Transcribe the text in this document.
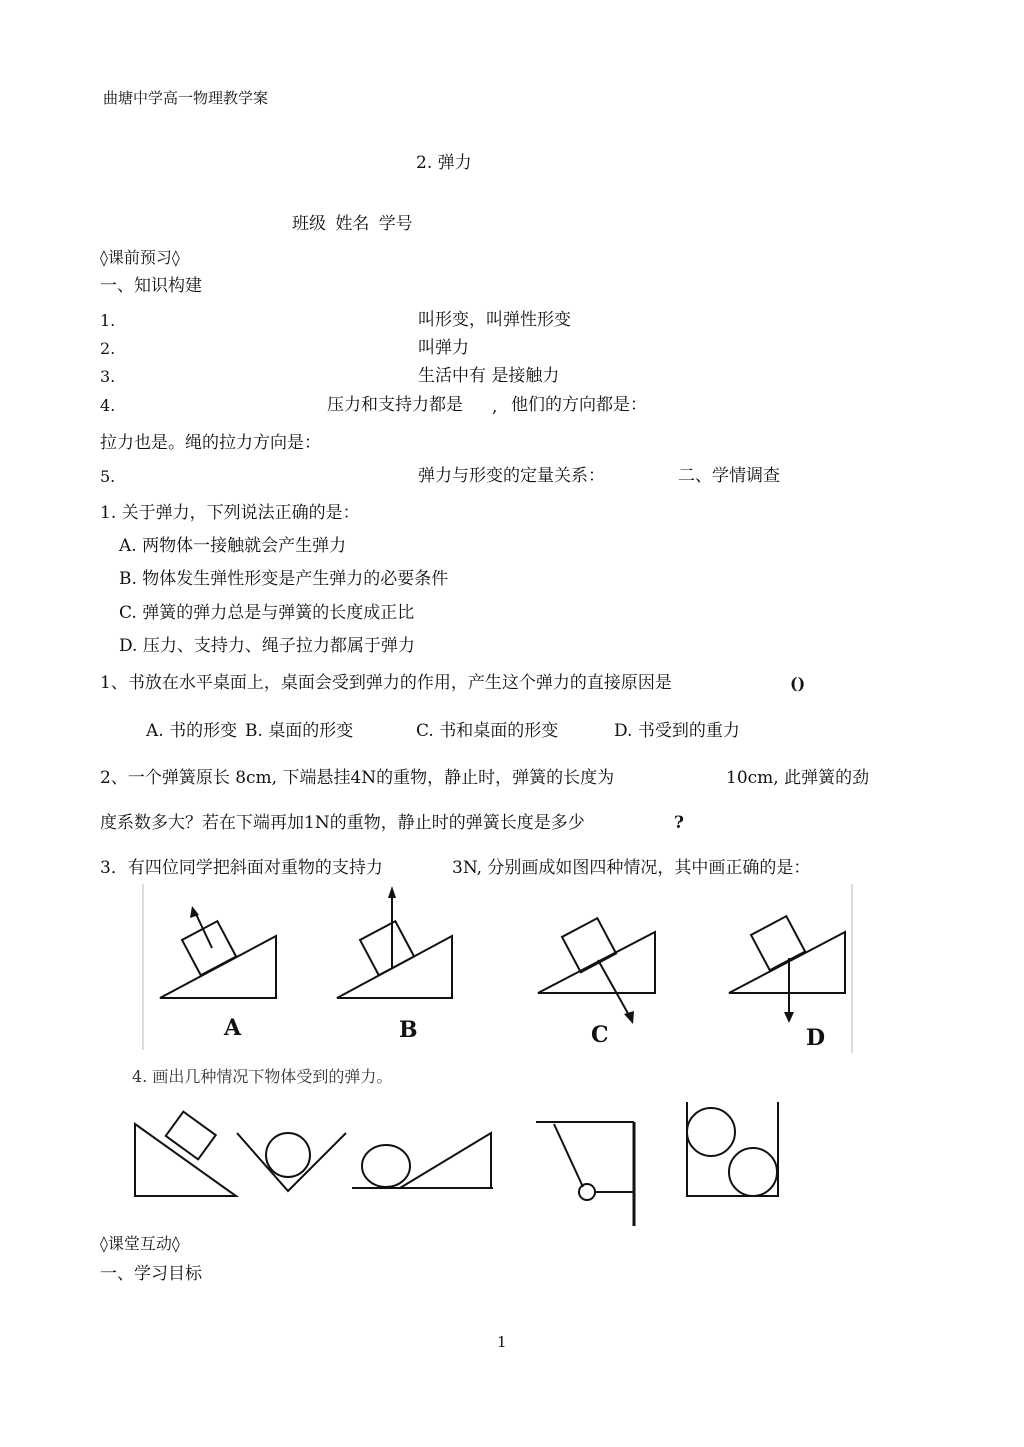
曲塘中学高一物理教学案
2. 弹力
班级 姓名 学号
◊课前预习◊
一、知识构建
1.	叫形变，叫弹性形变
2.	叫弹力
3.	生活中有 是接触力
4.	压力和支持力都是 , 他们的方向都是：
拉力也是。绳的拉力方向是：
5.	弹力与形变的定量关系：	二、学情调查
1. 关于弹力，下列说法正确的是：
A. 两物体一接触就会产生弹力
B. 物体发生弹性形变是产生弹力的必要条件
C. 弹簧的弹力总是与弹簧的长度成正比
D. 压力、支持力、绳子拉力都属于弹力
1、书放在水平桌面上，桌面会受到弹力的作用，产生这个弹力的直接原因是	()
A. 书的形变 B. 桌面的形变	C. 书和桌面的形变	D. 书受到的重力
2、一个弹簧原长 8cm, 下端悬挂4N的重物，静止时，弹簧的长度为	10cm, 此弹簧的劲
度系数多大？若在下端再加1N的重物，静止时的弹簧长度是多少	?
3．有四位同学把斜面对重物的支持力	3N, 分别画成如图四种情况，其中画正确的是：
A	B	C	D
4. 画出几种情况下物体受到的弹力。
◊课堂互动◊
一、学习目标
1
